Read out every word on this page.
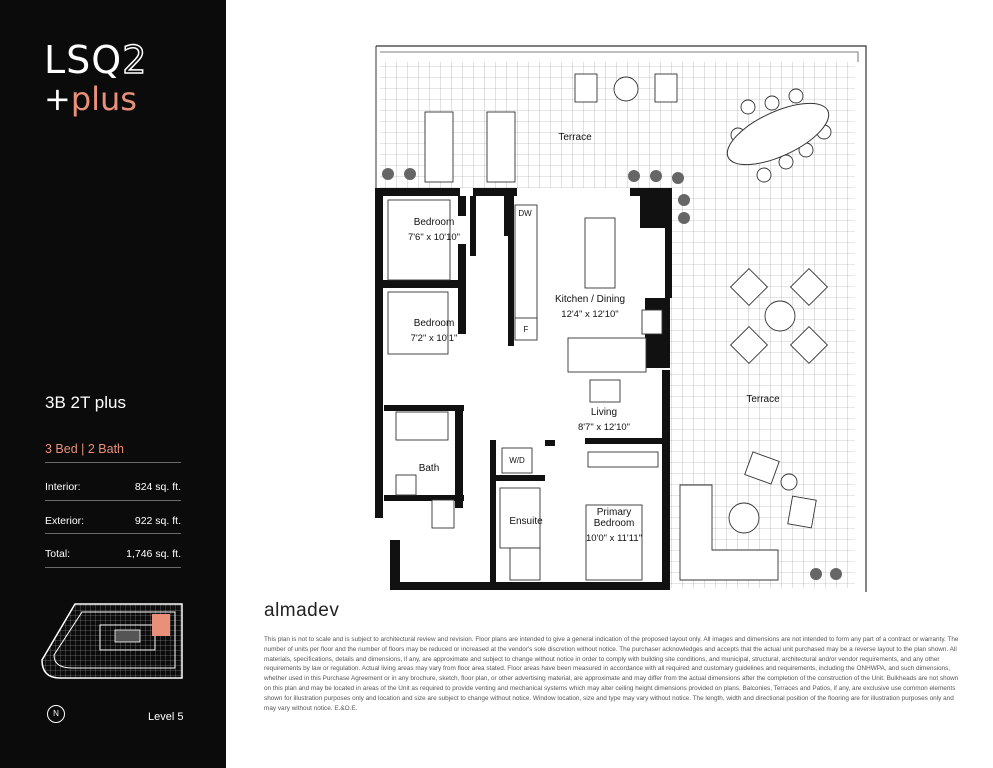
LSQ2
+plus
3B 2T plus
3 Bed | 2 Bath
Interior:	824 sq. ft.
Exterior:	922 sq. ft.
Total:	1,746 sq. ft.
N	Level 5
Terrace
Terrace
Bedroom
7'6" x 10'10"
Bedroom
7'2" x 10'1"
Kitchen / Dining
12'4" x 12'10"
Living
8'7" x 12'10"
Bath
Ensuite
Primary
Bedroom
10'0" x 11'11"
DW
F
W/D
almadev
This plan is not to scale and is subject to architectural review and revision. Floor plans are intended to give a general indication of the proposed layout only. All images and dimensions are not intended to form any part of a contract or warranty. The number of units per floor and the number of floors may be reduced or increased at the vendor's sole discretion without notice. The purchaser acknowledges and accepts that the actual unit purchased may be a reverse layout to the plan shown. All materials, specifications, details and dimensions, if any, are approximate and subject to change without notice in order to comply with building site conditions, and municipal, structural, architectural and/or vendor requirements, and any other requirements by law or regulation. Actual living areas may vary from floor area stated. Floor areas have been measured in accordance with all required and customary guidelines and requirements, including the ONHWPA, and such dimensions, whether used in this Purchase Agreement or in any brochure, sketch, floor plan, or other advertising material, are approximate and may differ from the actual dimensions after the completion of the construction of the Unit. Bulkheads are not shown on this plan and may be located in areas of the Unit as required to provide venting and mechanical systems which may alter ceiling height dimensions provided on plans. Balconies, Terraces and Patios, if any, are exclusive use common elements shown for illustration purposes only and location and size are subject to change without notice. Window location, size and type may vary without notice. The length, width and directional position of the flooring are for illustration purposes only and may vary without notice. E.&O.E.
